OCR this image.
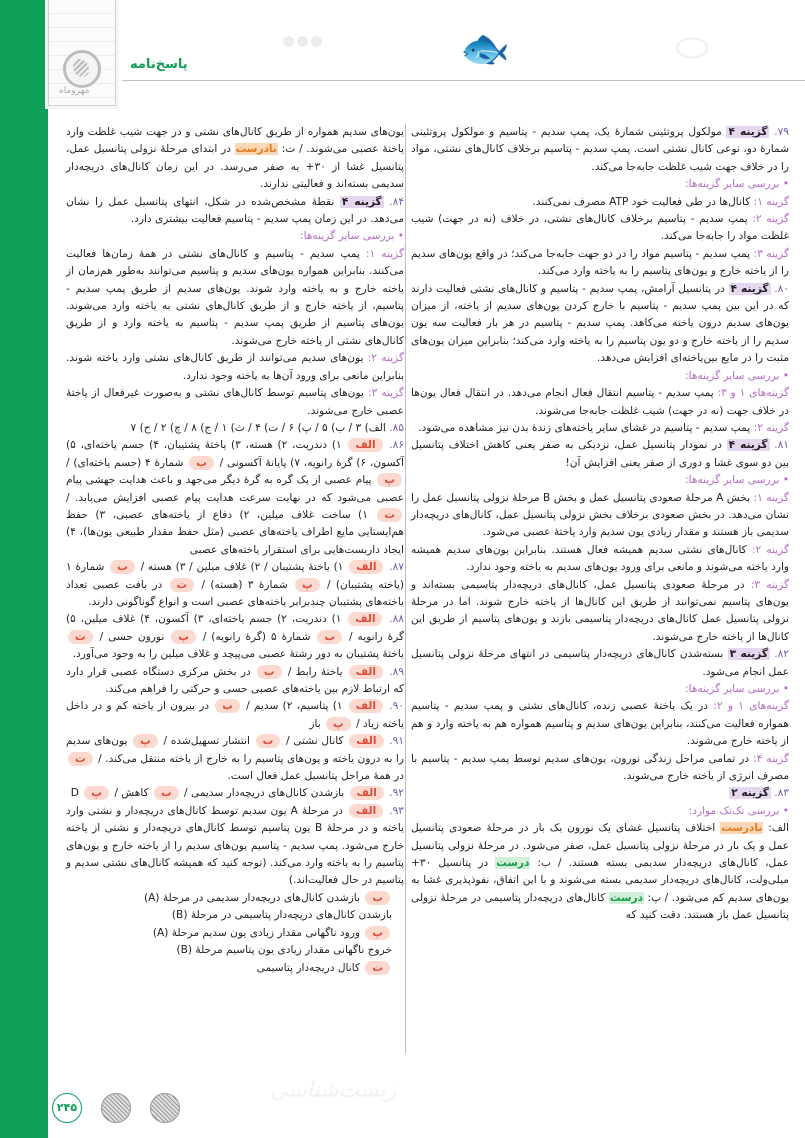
مهروماه
🐟	⬭
پاسخ‌نامه

۷۹. گزینه ۴ مولکول پروتئینی شمارهٔ یک، پمپ سدیم - پتاسیم و مولکول پروتئینی شمارهٔ دو، نوعی کانال نشتی است. پمپ سدیم - پتاسیم برخلاف کانال‌های نشتی، مواد را در خلاف جهت شیب غلظت جابه‌جا می‌کند.

• بررسی سایر گزینه‌ها:

گزینه ۱: کانال‌ها در طی فعالیت خود ATP مصرف نمی‌کنند.

گزینه ۲: پمپ سدیم - پتاسیم برخلاف کانال‌های نشتی، در خلاف (نه در جهت) شیب غلظت مواد را جابه‌جا می‌کند.

گزینه ۳: پمپ سدیم - پتاسیم مواد را در دو جهت جابه‌جا می‌کند؛ در واقع یون‌های سدیم را از یاخته خارج و یون‌های پتاسیم را به یاخته وارد می‌کند.

۸۰. گزینه ۴ در پتانسیل آرامش، پمپ سدیم - پتاسیم و کانال‌های نشتی فعالیت دارند که در این بین پمپ سدیم - پتاسیم با خارج کردن یون‌های سدیم از یاخته، از میزان یون‌های سدیم درون یاخته می‌کاهد. پمپ سدیم - پتاسیم در هر بار فعالیت سه یون سدیم را از یاخته خارج و دو یون پتاسیم را به یاخته وارد می‌کند؛ بنابراین میزان یون‌های مثبت را در مایع بین‌یاخته‌ای افزایش می‌دهد.

• بررسی سایر گزینه‌ها:

گزینه‌های ۱ و ۳: پمپ سدیم - پتاسیم انتقال فعال انجام می‌دهد. در انتقال فعال یون‌ها در خلاف جهت (نه در جهت) شیب غلظت جابه‌جا می‌شوند.

گزینه ۲: پمپ سدیم - پتاسیم در غشای سایر یاخته‌های زندهٔ بدن نیز مشاهده می‌شود.

۸۱. گزینه ۴ در نمودار پتانسیل عمل، نزدیکی به صفر یعنی کاهش اختلاف پتانسیل بین دو سوی غشا و دوری از صفر یعنی افزایش آن!

• بررسی سایر گزینه‌ها:

گزینه ۱: بخش A مرحلهٔ صعودی پتانسیل عمل و بخش B مرحلهٔ نزولی پتانسیل عمل را نشان می‌دهد. در بخش صعودی برخلاف بخش نزولی پتانسیل عمل، کانال‌های دریچه‌دار سدیمی باز هستند و مقدار زیادی یون سدیم وارد یاختهٔ عصبی می‌شود.

گزینه ۲: کانال‌های نشتی سدیم همیشه فعال هستند. بنابراین یون‌های سدیم همیشه وارد یاخته می‌شوند و مانعی برای ورود یون‌های سدیم به یاخته وجود ندارد.

گزینه ۳: در مرحلهٔ صعودی پتانسیل عمل، کانال‌های دریچه‌دار پتاسیمی بسته‌اند و یون‌های پتاسیم نمی‌توانند از طریق این کانال‌ها از یاخته خارج شوند. اما در مرحلهٔ نزولی پتانسیل عمل کانال‌های دریچه‌دار پتاسیمی بازند و یون‌های پتاسیم از طریق این کانال‌ها از یاخته خارج می‌شوند.

۸۲. گزینه ۳ بسته‌شدن کانال‌های دریچه‌دار پتاسیمی در انتهای مرحلهٔ نزولی پتانسیل عمل انجام می‌شود.

• بررسی سایر گزینه‌ها:

گزینه‌های ۱ و ۲: در یک یاختهٔ عصبی زنده، کانال‌های نشتی و پمپ سدیم - پتاسیم همواره فعالیت می‌کنند، بنابراین یون‌های سدیم و پتاسیم همواره هم به یاخته وارد و هم از یاخته خارج می‌شوند.

گزینه ۴: در تمامی مراحل زندگی نورون، یون‌های سدیم توسط پمپ سدیم - پتاسیم با مصرف انرژی از یاخته خارج می‌شوند.

۸۳. گزینه ۲

• بررسی تک‌تک موارد:

الف: نادرست اختلاف پتانسیل غشای یک نورون یک بار در مرحلهٔ صعودی پتانسیل عمل و یک بار در مرحلهٔ نزولی پتانسیل عمل، صفر می‌شود. در مرحلهٔ نزولی پتانسیل عمل، کانال‌های دریچه‌دار سدیمی بسته هستند. / ب: درست در پتانسیل ۳۰+ میلی‌ولت، کانال‌های دریچه‌دار سدیمی بسته می‌شوند و با این اتفاق، نفوذپذیری غشا به یون‌های سدیم کم می‌شود. / پ: درست کانال‌های دریچه‌دار پتاسیمی در مرحلهٔ نزولی پتانسیل عمل باز هستند. دقت کنید که

یون‌های سدیم همواره از طریق کانال‌های نشتی و در جهت شیب غلظت وارد یاختهٔ عصبی می‌شوند. / ت: نادرست در ابتدای مرحلهٔ نزولی پتانسیل عمل، پتانسیل غشا از ۳۰+ به صفر می‌رسد. در این زمان کانال‌های دریچه‌دار سدیمی بسته‌اند و فعالیتی ندارند.

۸۴. گزینه ۴ نقطهٔ مشخص‌شده در شکل، انتهای پتانسیل عمل را نشان می‌دهد. در این زمان پمپ سدیم - پتاسیم فعالیت بیشتری دارد.

• بررسی سایر گزینه‌ها:

گزینه ۱: پمپ سدیم - پتاسیم و کانال‌های نشتی در همهٔ زمان‌ها فعالیت می‌کنند. بنابراین همواره یون‌های سدیم و پتاسیم می‌توانند به‌طور هم‌زمان از یاخته خارج و به یاخته وارد شوند. یون‌های سدیم از طریق پمپ سدیم - پتاسیم، از یاخته خارج و از طریق کانال‌های نشتی به یاخته وارد می‌شوند. یون‌های پتاسیم از طریق پمپ سدیم - پتاسیم به یاخته وارد و از طریق کانال‌های نشتی از یاخته خارج می‌شوند.

گزینه ۲: یون‌های سدیم می‌توانند از طریق کانال‌های نشتی وارد یاخته شوند. بنابراین مانعی برای ورود آن‌ها به یاخته وجود ندارد.

گزینه ۳: یون‌های پتاسیم توسط کانال‌های نشتی و به‌صورت غیرفعال از یاختهٔ عصبی خارج می‌شوند.

۸۵. الف) ۳ / ب) ۵ / پ) ۶ / ت) ۴ / ث) ۱ / ج) ۸ / چ) ۲ / ح) ۷

۸۶. الف ۱) دندریت، ۲) هسته، ۳) یاختهٔ پشتیبان، ۴) جسم یاخته‌ای، ۵) آکسون، ۶) گرهٔ رانویه، ۷) پایانهٔ آکسونی / ب شمارهٔ ۴ (جسم یاخته‌ای) / پ پیام عصبی از یک گره به گرهٔ دیگر می‌جهد و باعث هدایت جهشی پیام عصبی می‌شود که در نهایت سرعت هدایت پیام عصبی افزایش می‌یابد. / ت ۱) ساخت غلاف میلین، ۲) دفاع از یاخته‌های عصبی، ۳) حفظ هم‌ایستایی مایع اطراف یاخته‌های عصبی (مثل حفظ مقدار طبیعی یون‌ها)، ۴) ایجاد داربست‌هایی برای استقرار یاخته‌های عصبی

۸۷. الف ۱) یاختهٔ پشتیبان / ۲) غلاف میلین / ۳) هسته / ب شمارهٔ ۱ (یاخته پشتیبان) / پ شمارهٔ ۳ (هسته) / ت در بافت عصبی تعداد یاخته‌های پشتیبان چندبرابر یاخته‌های عصبی است و انواع گوناگونی دارند.

۸۸. الف ۱) دندریت، ۲) جسم یاخته‌ای، ۳) آکسون، ۴) غلاف میلین، ۵) گرهٔ رانویه / ب شمارهٔ ۵ (گرهٔ رانویه) / پ نورون حسی / ت یاختهٔ پشتیبان به دور رشتهٔ عصبی می‌پیچد و غلاف میلین را به وجود می‌آورد.

۸۹. الف یاختهٔ رابط / ب در بخش مرکزی دستگاه عصبی قرار دارد که ارتباط لازم بین یاخته‌های عصبی حسی و حرکتی را فراهم می‌کند.

۹۰. الف ۱) پتاسیم، ۲) سدیم / ب در بیرون از یاخته کم و در داخل یاخته زیاد / پ باز

۹۱. الف کانال نشتی / ب انتشار تسهیل‌شده / پ یون‌های سدیم را به درون یاخته و یون‌های پتاسیم را به خارج از یاخته منتقل می‌کند. / ت در همهٔ مراحل پتانسیل عمل فعال است.

۹۲. الف بازشدن کانال‌های دریچه‌دار سدیمی / ب کاهش / پ D

۹۳. الف در مرحلهٔ A یون سدیم توسط کانال‌های دریچه‌دار و نشتی وارد یاخته و در مرحلهٔ B یون پتاسیم توسط کانال‌های دریچه‌دار و نشتی از یاخته خارج می‌شود. پمپ سدیم - پتاسیم یون‌های سدیم را از یاخته خارج و یون‌های پتاسیم را به یاخته وارد می‌کند. (توجه کنید که همیشه کانال‌های نشتی سدیم و پتاسیم در حال فعالیت‌اند.)

ب بازشدن کانال‌های دریچه‌دار سدیمی در مرحلهٔ (A)
بازشدن کانال‌های دریچه‌دار پتاسیمی در مرحلهٔ (B)
پ ورود ناگهانی مقدار زیادی یون سدیم مرحلهٔ (A)
خروج ناگهانی مقدار زیادی یون پتاسیم مرحلهٔ (B)
ت کانال دریچه‌دار پتاسیمی

زیست‌شناسی
۲۴۵
